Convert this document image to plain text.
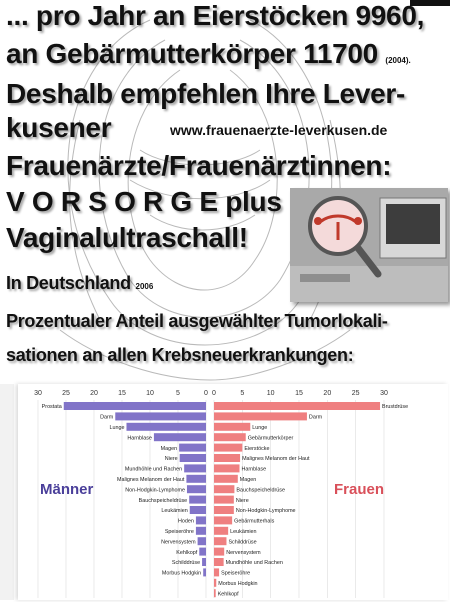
... pro Jahr an Eierstöcken 9960,
an Gebärmutterkörper 11700 (2004).
Deshalb empfehlen Ihre Lever-
kusener	www.frauenaerzte-leverkusen.de
Frauenärzte/Frauenärztinnen:
V O R S O R G E plus
Vaginalultraschall!
In Deutschland 2006
Prozentualer Anteil ausgewählter Tumorlokali-
sationen an allen Krebsneuerkrankungen:
30	30
25	25
20	20
15	15
10	10
5	5
0 0
Prostata
Darm
Lunge
Harnblase
Magen
Niere
Mundhöhle und Rachen
Malignes Melanom der Haut
Non-Hodgkin-Lymphome
Bauchspeicheldrüse
Leukämien
Hoden
Speiseröhre
Nervensystem
Kehlkopf
Schilddrüse
Morbus Hodgkin
Brustdrüse
Darm
Lunge
Gebärmutterkörper
Eierstöcke
Malignes Melanom der Haut
Harnblase
Magen
Bauchspeicheldrüse
Niere
Non-Hodgkin-Lymphome
Gebärmutterhals
Leukämien
Schilddrüse
Nervensystem
Mundhöhle und Rachen
Speiseröhre
Morbus Hodgkin
Kehlkopf
Männer	Frauen
